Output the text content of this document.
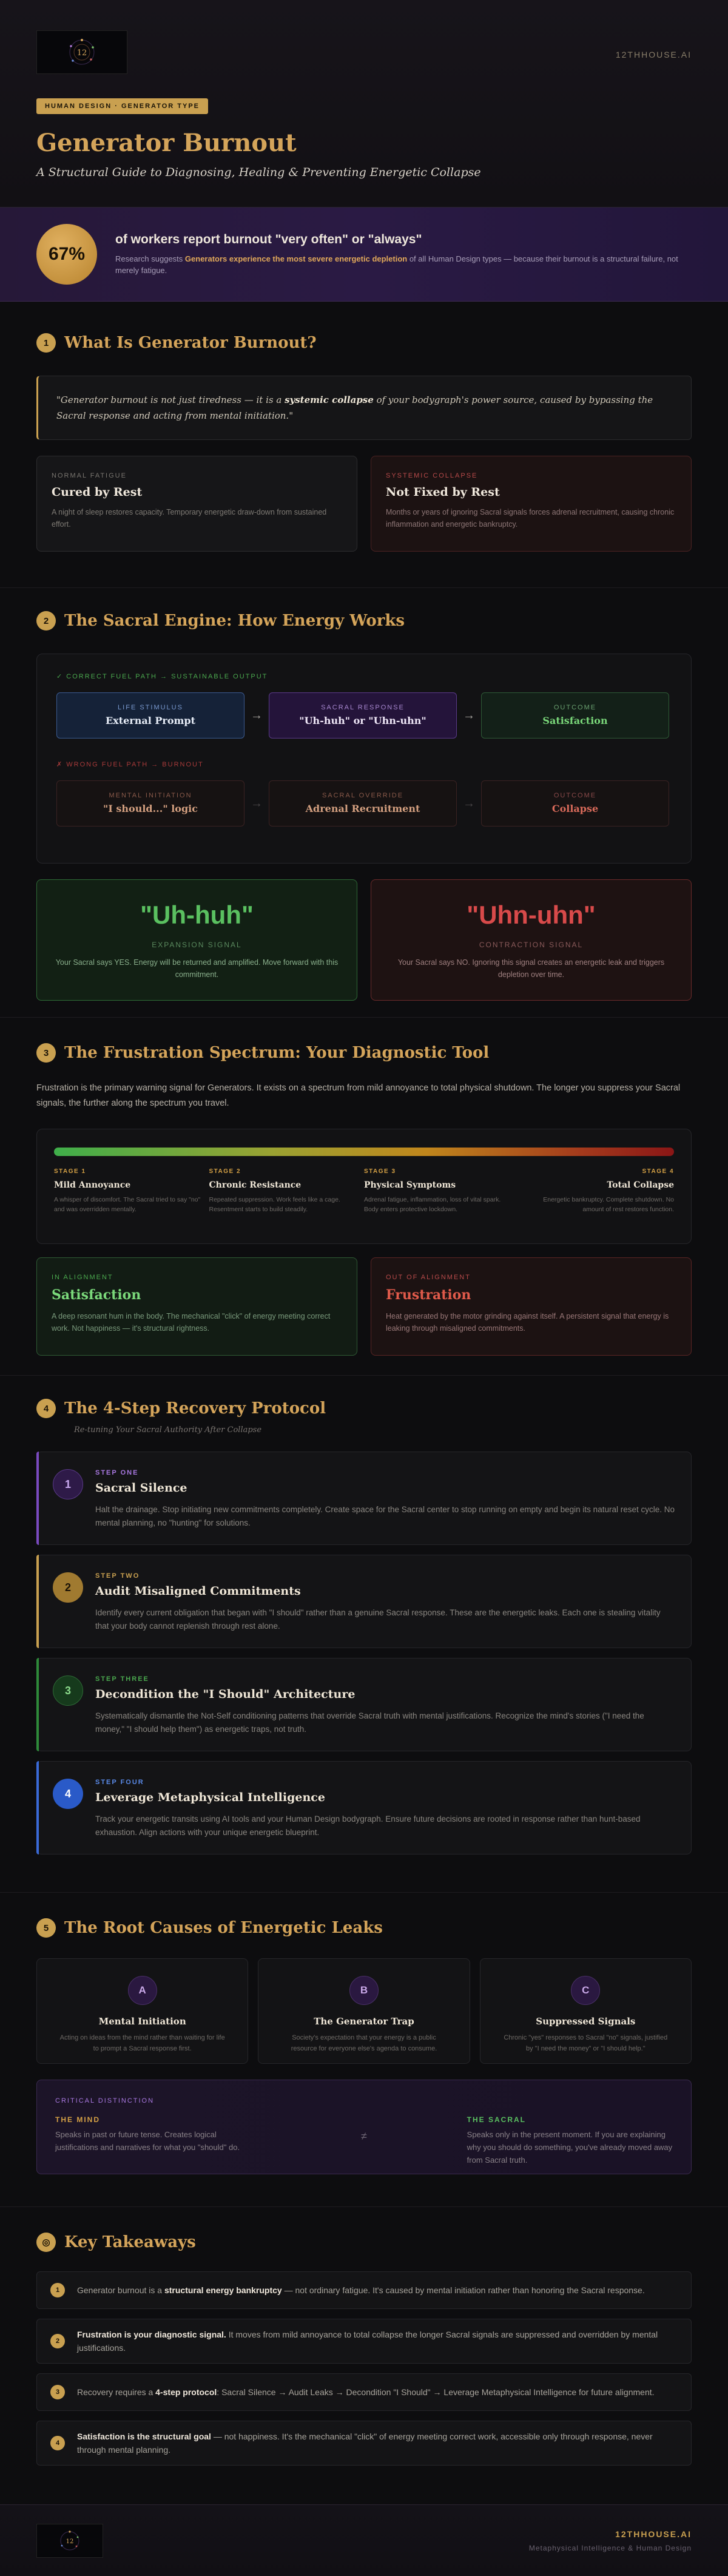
12	12THHOUSE.AI
HUMAN DESIGN · GENERATOR TYPE
Generator Burnout
A Structural Guide to Diagnosing, Healing & Preventing Energetic Collapse
67%
of workers report burnout "very often" or "always"
Research suggests Generators experience the most severe energetic depletion of all Human Design types — because their burnout is a structural failure, not merely fatigue.
1 What Is Generator Burnout?
"Generator burnout is not just tiredness — it is a systemic collapse of your bodygraph's power source, caused by bypassing the Sacral response and acting from mental initiation."
NORMAL FATIGUE
Cured by Rest
A night of sleep restores capacity. Temporary energetic draw-down from sustained effort.
SYSTEMIC COLLAPSE
Not Fixed by Rest
Months or years of ignoring Sacral signals forces adrenal recruitment, causing chronic inflammation and energetic bankruptcy.
2 The Sacral Engine: How Energy Works
✓ CORRECT FUEL PATH → SUSTAINABLE OUTPUT
LIFE STIMULUS
External Prompt	→
SACRAL RESPONSE
"Uh-huh" or "Uhn-uhn"	→
OUTCOME
Satisfaction
✗ WRONG FUEL PATH → BURNOUT
MENTAL INITIATION
"I should..." logic	→
SACRAL OVERRIDE
Adrenal Recruitment	→
OUTCOME
Collapse
"Uh-huh"
EXPANSION SIGNAL
Your Sacral says YES. Energy will be returned and amplified. Move forward with this commitment.
"Uhn-uhn"
CONTRACTION SIGNAL
Your Sacral says NO. Ignoring this signal creates an energetic leak and triggers depletion over time.
3 The Frustration Spectrum: Your Diagnostic Tool
Frustration is the primary warning signal for Generators. It exists on a spectrum from mild annoyance to total physical shutdown. The longer you suppress your Sacral signals, the further along the spectrum you travel.
STAGE 1
Mild Annoyance
A whisper of discomfort. The Sacral tried to say "no" and was overridden mentally.
STAGE 2
Chronic Resistance
Repeated suppression. Work feels like a cage. Resentment starts to build steadily.
STAGE 3
Physical Symptoms
Adrenal fatigue, inflammation, loss of vital spark. Body enters protective lockdown.
STAGE 4
Total Collapse
Energetic bankruptcy. Complete shutdown. No amount of rest restores function.
IN ALIGNMENT
Satisfaction
A deep resonant hum in the body. The mechanical "click" of energy meeting correct work. Not happiness — it's structural rightness.
OUT OF ALIGNMENT
Frustration
Heat generated by the motor grinding against itself. A persistent signal that energy is leaking through misaligned commitments.
4 The 4-Step Recovery Protocol
Re-tuning Your Sacral Authority After Collapse
1
STEP ONE
Sacral Silence
Halt the drainage. Stop initiating new commitments completely. Create space for the Sacral center to stop running on empty and begin its natural reset cycle. No mental planning, no "hunting" for solutions.
2
STEP TWO
Audit Misaligned Commitments
Identify every current obligation that began with "I should" rather than a genuine Sacral response. These are the energetic leaks. Each one is stealing vitality that your body cannot replenish through rest alone.
3
STEP THREE
Decondition the "I Should" Architecture
Systematically dismantle the Not-Self conditioning patterns that override Sacral truth with mental justifications. Recognize the mind's stories ("I need the money," "I should help them") as energetic traps, not truth.
4
STEP FOUR
Leverage Metaphysical Intelligence
Track your energetic transits using AI tools and your Human Design bodygraph. Ensure future decisions are rooted in response rather than hunt-based exhaustion. Align actions with your unique energetic blueprint.
5 The Root Causes of Energetic Leaks
A
Mental Initiation
Acting on ideas from the mind rather than waiting for life to prompt a Sacral response first.
B
The Generator Trap
Society's expectation that your energy is a public resource for everyone else's agenda to consume.
C
Suppressed Signals
Chronic "yes" responses to Sacral "no" signals, justified by "I need the money" or "I should help."
CRITICAL DISTINCTION
THE MIND
Speaks in past or future tense. Creates logical justifications and narratives for what you "should" do.
≠
THE SACRAL
Speaks only in the present moment. If you are explaining why you should do something, you've already moved away from Sacral truth.
◎ Key Takeaways
1	Generator burnout is a structural energy bankruptcy — not ordinary fatigue. It's caused by mental initiation rather than honoring the Sacral response.
2
Frustration is your diagnostic signal. It moves from mild annoyance to total collapse the longer Sacral signals are suppressed and overridden by mental justifications.
3	Recovery requires a 4-step protocol: Sacral Silence → Audit Leaks → Decondition "I Should" → Leverage Metaphysical Intelligence for future alignment.
4
Satisfaction is the structural goal — not happiness. It's the mechanical "click" of energy meeting correct work, accessible only through response, never through mental planning.
12
12THHOUSE.AI
Metaphysical Intelligence & Human Design
